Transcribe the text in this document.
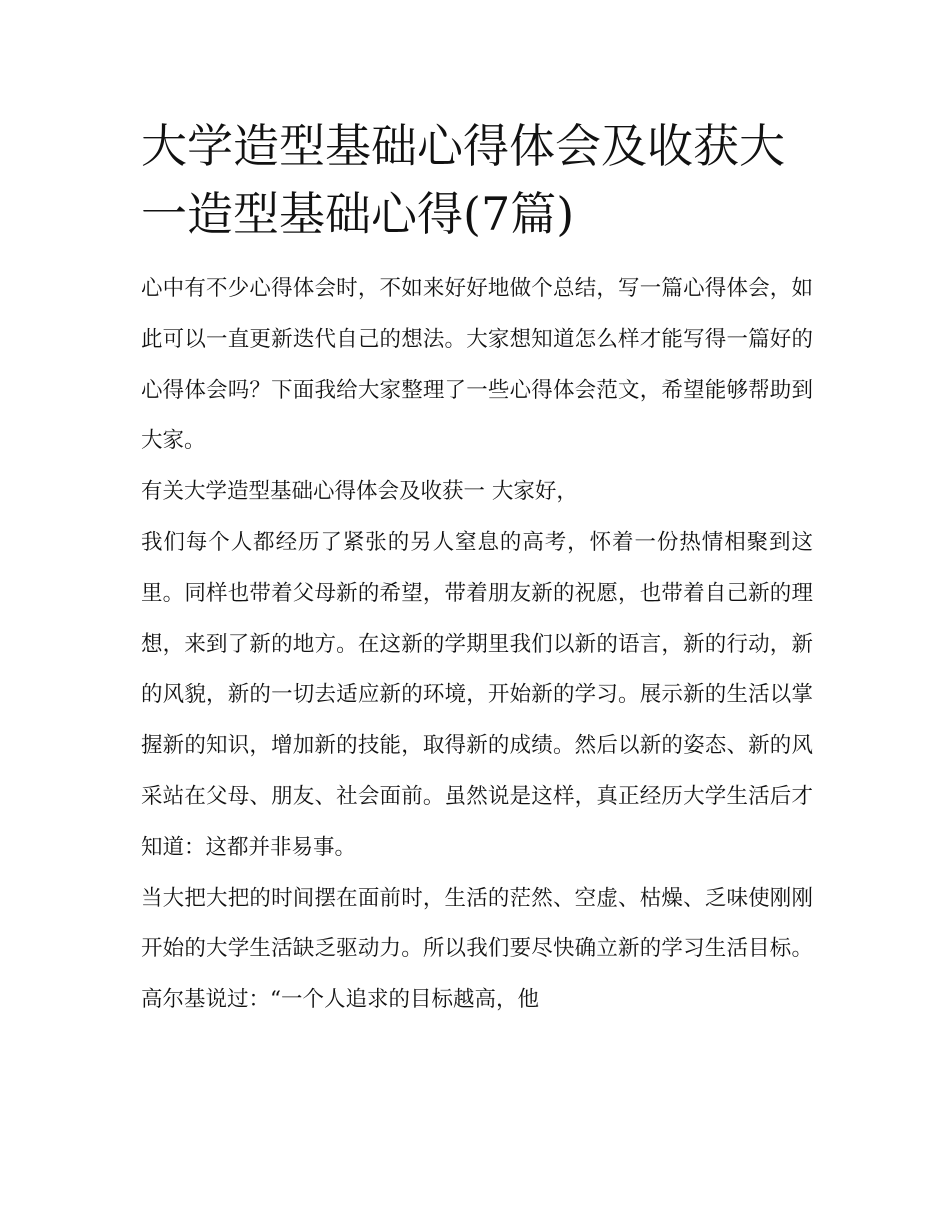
大学造型基础心得体会及收获大一造型基础心得(7篇)

心中有不少心得体会时，不如来好好地做个总结，写一篇心得体会，如此可以一直更新迭代自己的想法。大家想知道怎么样才能写得一篇好的心得体会吗？下面我给大家整理了一些心得体会范文，希望能够帮助到大家。

有关大学造型基础心得体会及收获一 大家好，

我们每个人都经历了紧张的另人窒息的高考，怀着一份热情相聚到这里。同样也带着父母新的希望，带着朋友新的祝愿，也带着自己新的理想，来到了新的地方。在这新的学期里我们以新的语言，新的行动，新的风貌，新的一切去适应新的环境，开始新的学习。展示新的生活以掌握新的知识，增加新的技能，取得新的成绩。然后以新的姿态、新的风采站在父母、朋友、社会面前。虽然说是这样，真正经历大学生活后才知道：这都并非易事。

当大把大把的时间摆在面前时，生活的茫然、空虚、枯燥、乏味使刚刚开始的大学生活缺乏驱动力。所以我们要尽快确立新的学习生活目标。高尔基说过：“一个人追求的目标越高，他
